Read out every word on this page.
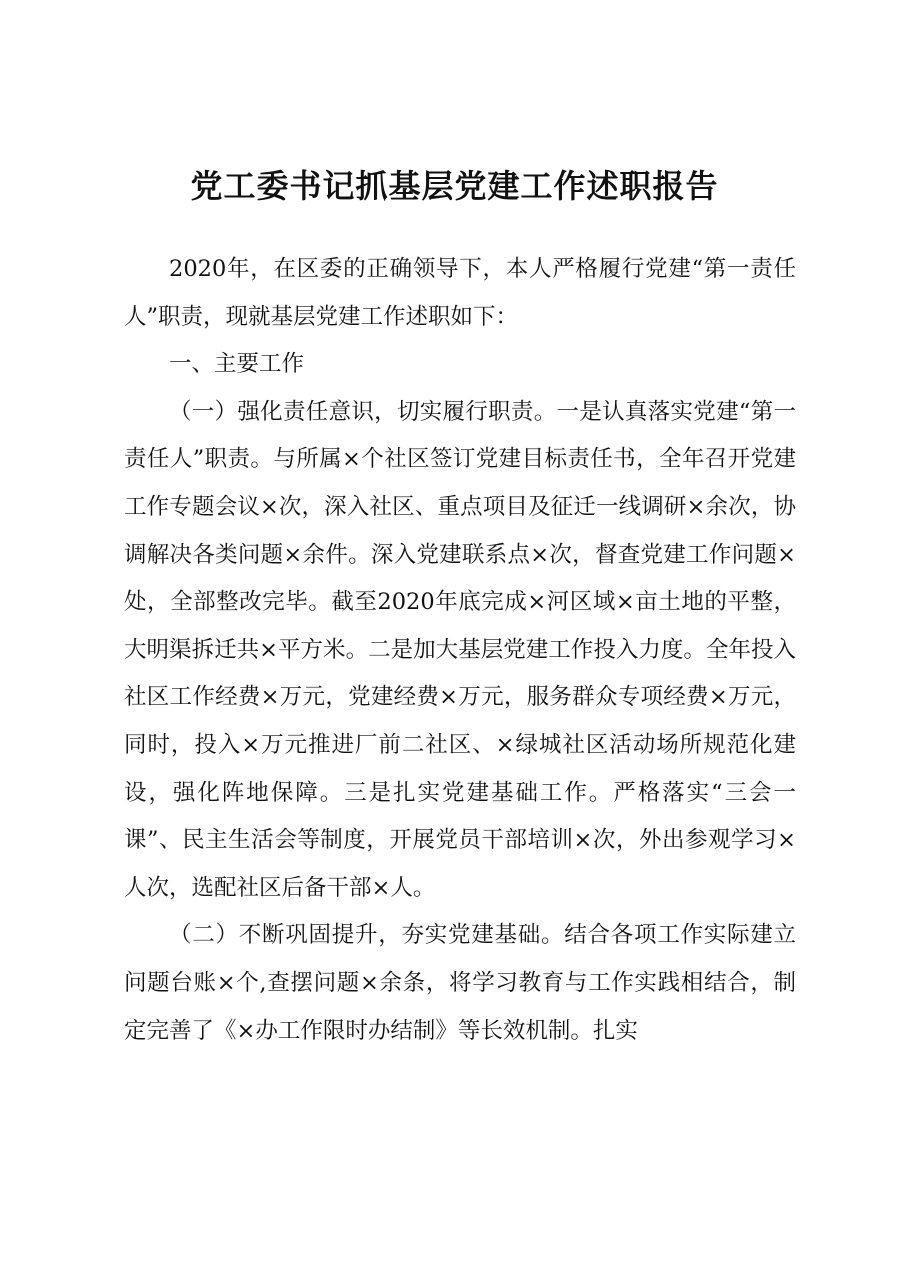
党工委书记抓基层党建工作述职报告

2020年，在区委的正确领导下，本人严格履行党建“第一责任人”职责，现就基层党建工作述职如下：

一、主要工作

（一）强化责任意识，切实履行职责。一是认真落实党建“第一责任人”职责。与所属×个社区签订党建目标责任书，全年召开党建工作专题会议×次，深入社区、重点项目及征迁一线调研×余次，协调解决各类问题×余件。深入党建联系点×次，督查党建工作问题×处，全部整改完毕。截至2020年底完成×河区域×亩土地的平整，大明渠拆迁共×平方米。二是加大基层党建工作投入力度。全年投入社区工作经费×万元，党建经费×万元，服务群众专项经费×万元，同时，投入×万元推进厂前二社区、×绿城社区活动场所规范化建设，强化阵地保障。三是扎实党建基础工作。严格落实“三会一课”、民主生活会等制度，开展党员干部培训×次，外出参观学习×人次，选配社区后备干部×人。

（二）不断巩固提升，夯实党建基础。结合各项工作实际建立问题台账×个,查摆问题×余条，将学习教育与工作实践相结合，制定完善了《×办工作限时办结制》等长效机制。扎实
